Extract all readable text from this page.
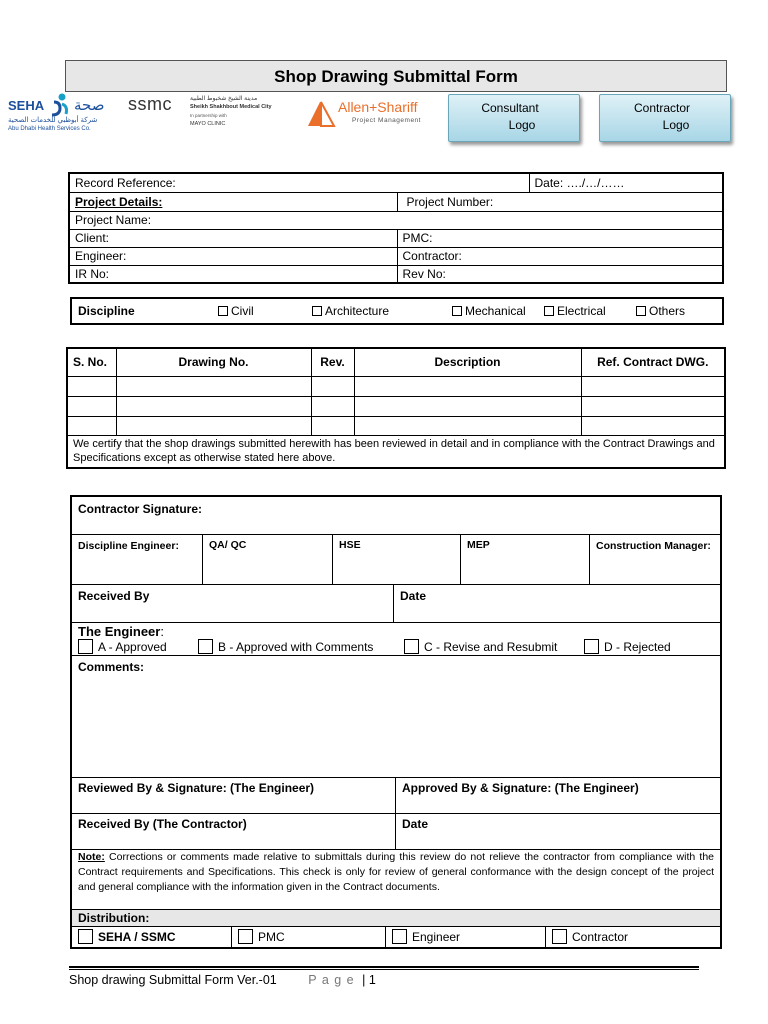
Shop Drawing Submittal Form
SEHA صحة
شركة أبوظبي للخدمات الصحية
Abu Dhabi Health Services Co.
ssmc	مدينة الشيخ شخبوط الطبية
Sheikh Shakhbout Medical City
In partnership with
MAYO CLINIC
Allen+Shariff
Project Management
Consultant
Logo
Contractor
Logo
Record Reference:		Date: …./…/……
Project Details:	Project Number:	
Project Name:		
Client:	PMC:	
Engineer:	Contractor:	
IR No:	Rev No:	
Discipline	Civil	Architecture	Mechanical	Electrical	Others
S. No.	Drawing No.	Rev.	Description	Ref. Contract DWG.

We certify that the shop drawings submitted herewith has been reviewed in detail and in compliance with the Contract Drawings and Specifications except as otherwise stated here above.				
Contractor Signature:
Discipline Engineer:	QA/ QC	HSE	MEP	Construction Manager:
Received By	Date
The Engineer:
A - Approved	B - Approved with Comments	C - Revise and Resubmit	D - Rejected
Comments:
Reviewed By & Signature: (The Engineer)	Approved By & Signature: (The Engineer)
Received By (The Contractor)	Date
Note: Corrections or comments made relative to submittals during this review do not relieve the contractor from compliance with the Contract requirements and Specifications. This check is only for review of general conformance with the design concept of the project and general compliance with the information given in the Contract documents.
Distribution:
SEHA / SSMC	PMC	Engineer	Contractor
Shop drawing Submittal Form Ver.-01	P a g e | 1
